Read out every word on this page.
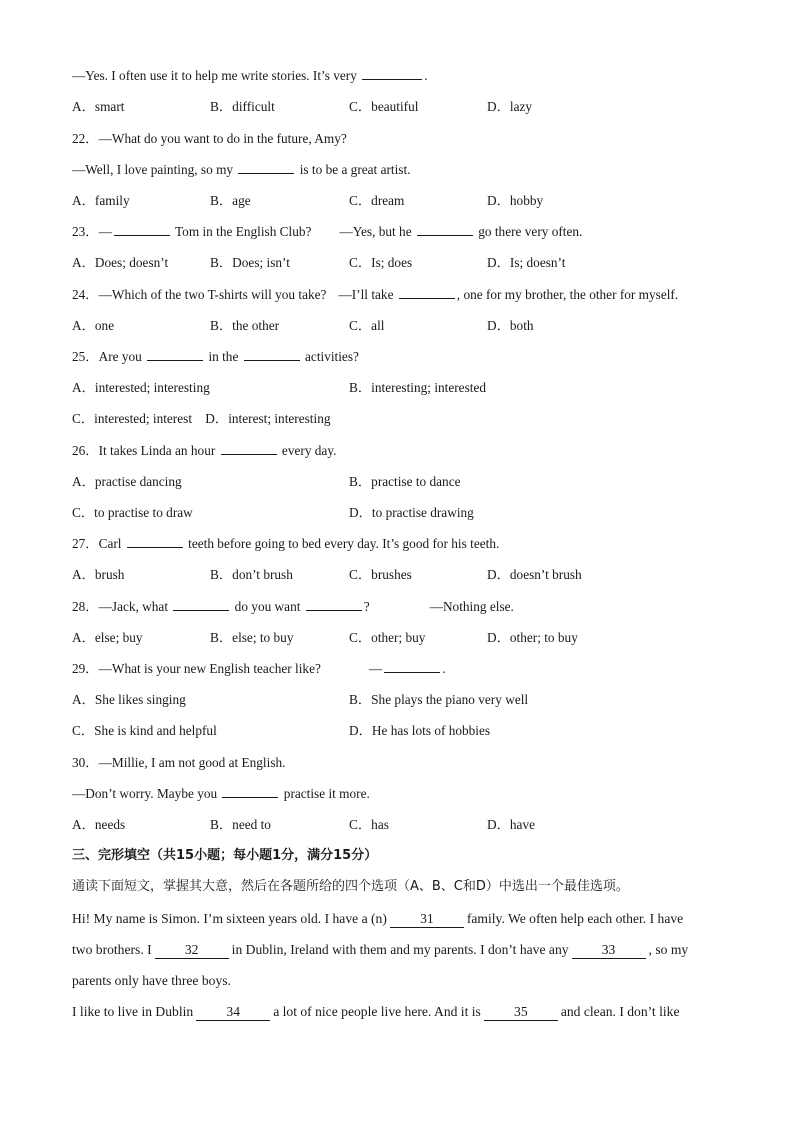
—Yes. I often use it to help me write stories. It’s very	.
A．smart	B．difficult	C．beautiful	D．lazy
22．—What do you want to do in the future, Amy?
—Well, I love painting, so my	is to be a great artist.
A．family	B．age	C．dream	D．hobby
23．—	Tom in the English Club? —Yes, but he	go there very often.
A．Does; doesn’t	B．Does; isn’t	C．Is; does	D．Is; doesn’t
24．—Which of the two T-shirts will you take? —I’ll take	, one for my brother, the other for myself.
A．one	B．the other	C．all	D．both
25．Are you	in the	activities?
A．interested; interesting	B．interesting; interested
C．interested; interest　D．interest; interesting
26．It takes Linda an hour	every day.
A．practise dancing	B．practise to dance
C．to practise to draw	D．to practise drawing
27．Carl	teeth before going to bed every day. It’s good for his teeth.
A．brush	B．don’t brush	C．brushes	D．doesn’t brush
28．—Jack, what	do you want	?	—Nothing else.
A．else; buy	B．else; to buy	C．other; buy	D．other; to buy
29．—What is your new English teacher like?	—	.
A．She likes singing	B．She plays the piano very well
C．She is kind and helpful	D．He has lots of hobbies
30．—Millie, I am not good at English.
—Don’t worry. Maybe you	practise it more.
A．needs	B．need to	C．has	D．have
三、完形填空（共15小题；每小题1分，满分15分）
通读下面短文，掌握其大意，然后在各题所给的四个选项（A、B、C和D）中选出一个最佳选项。
Hi! My name is Simon. I’m sixteen years old. I have a (n) 31 family. We often help each other. I have
two brothers. I 32 in Dublin, Ireland with them and my parents. I don’t have any 33 , so my
parents only have three boys.
I like to live in Dublin 34 a lot of nice people live here. And it is 35 and clean. I don’t like
